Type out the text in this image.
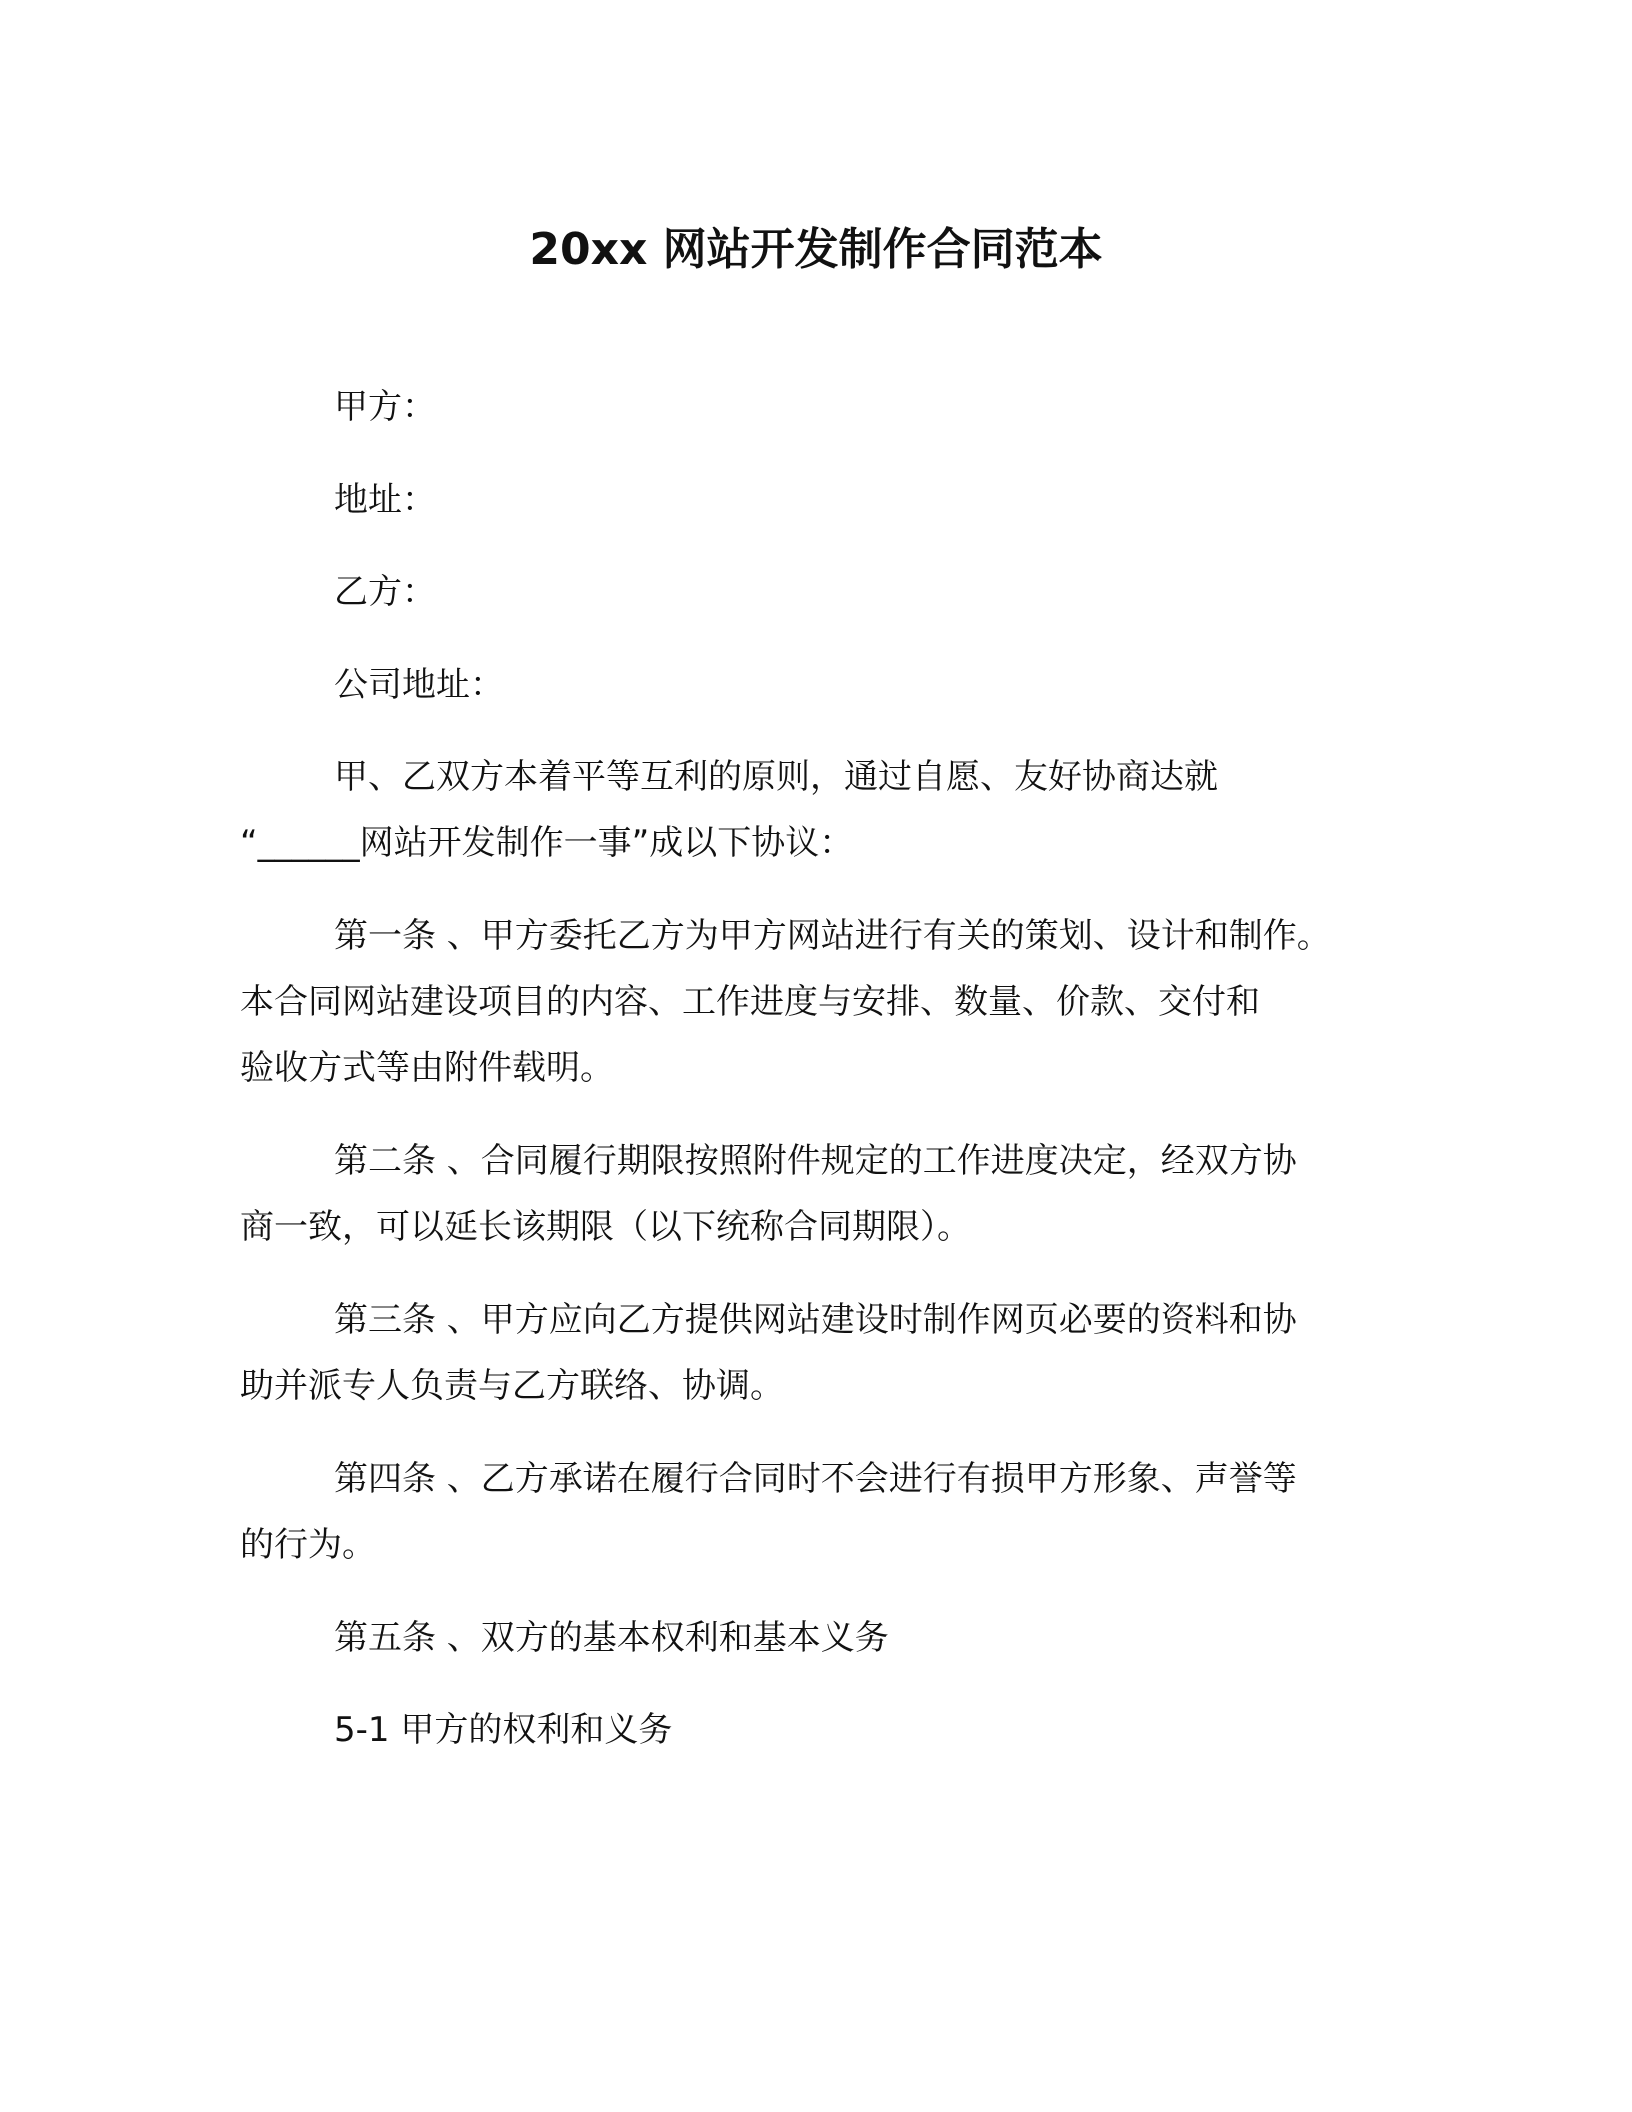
20xx 网站开发制作合同范本
甲方：
地址：
乙方：
公司地址：
甲、乙双方本着平等互利的原则，通过自愿、友好协商达就
“______网站开发制作一事”成以下协议：
第一条 、甲方委托乙方为甲方网站进行有关的策划、设计和制作。
本合同网站建设项目的内容、工作进度与安排、数量、价款、交付和
验收方式等由附件载明。
第二条 、合同履行期限按照附件规定的工作进度决定，经双方协
商一致，可以延长该期限（以下统称合同期限）。
第三条 、甲方应向乙方提供网站建设时制作网页必要的资料和协
助并派专人负责与乙方联络、协调。
第四条 、乙方承诺在履行合同时不会进行有损甲方形象、声誉等
的行为。
第五条 、双方的基本权利和基本义务
5-1 甲方的权利和义务
